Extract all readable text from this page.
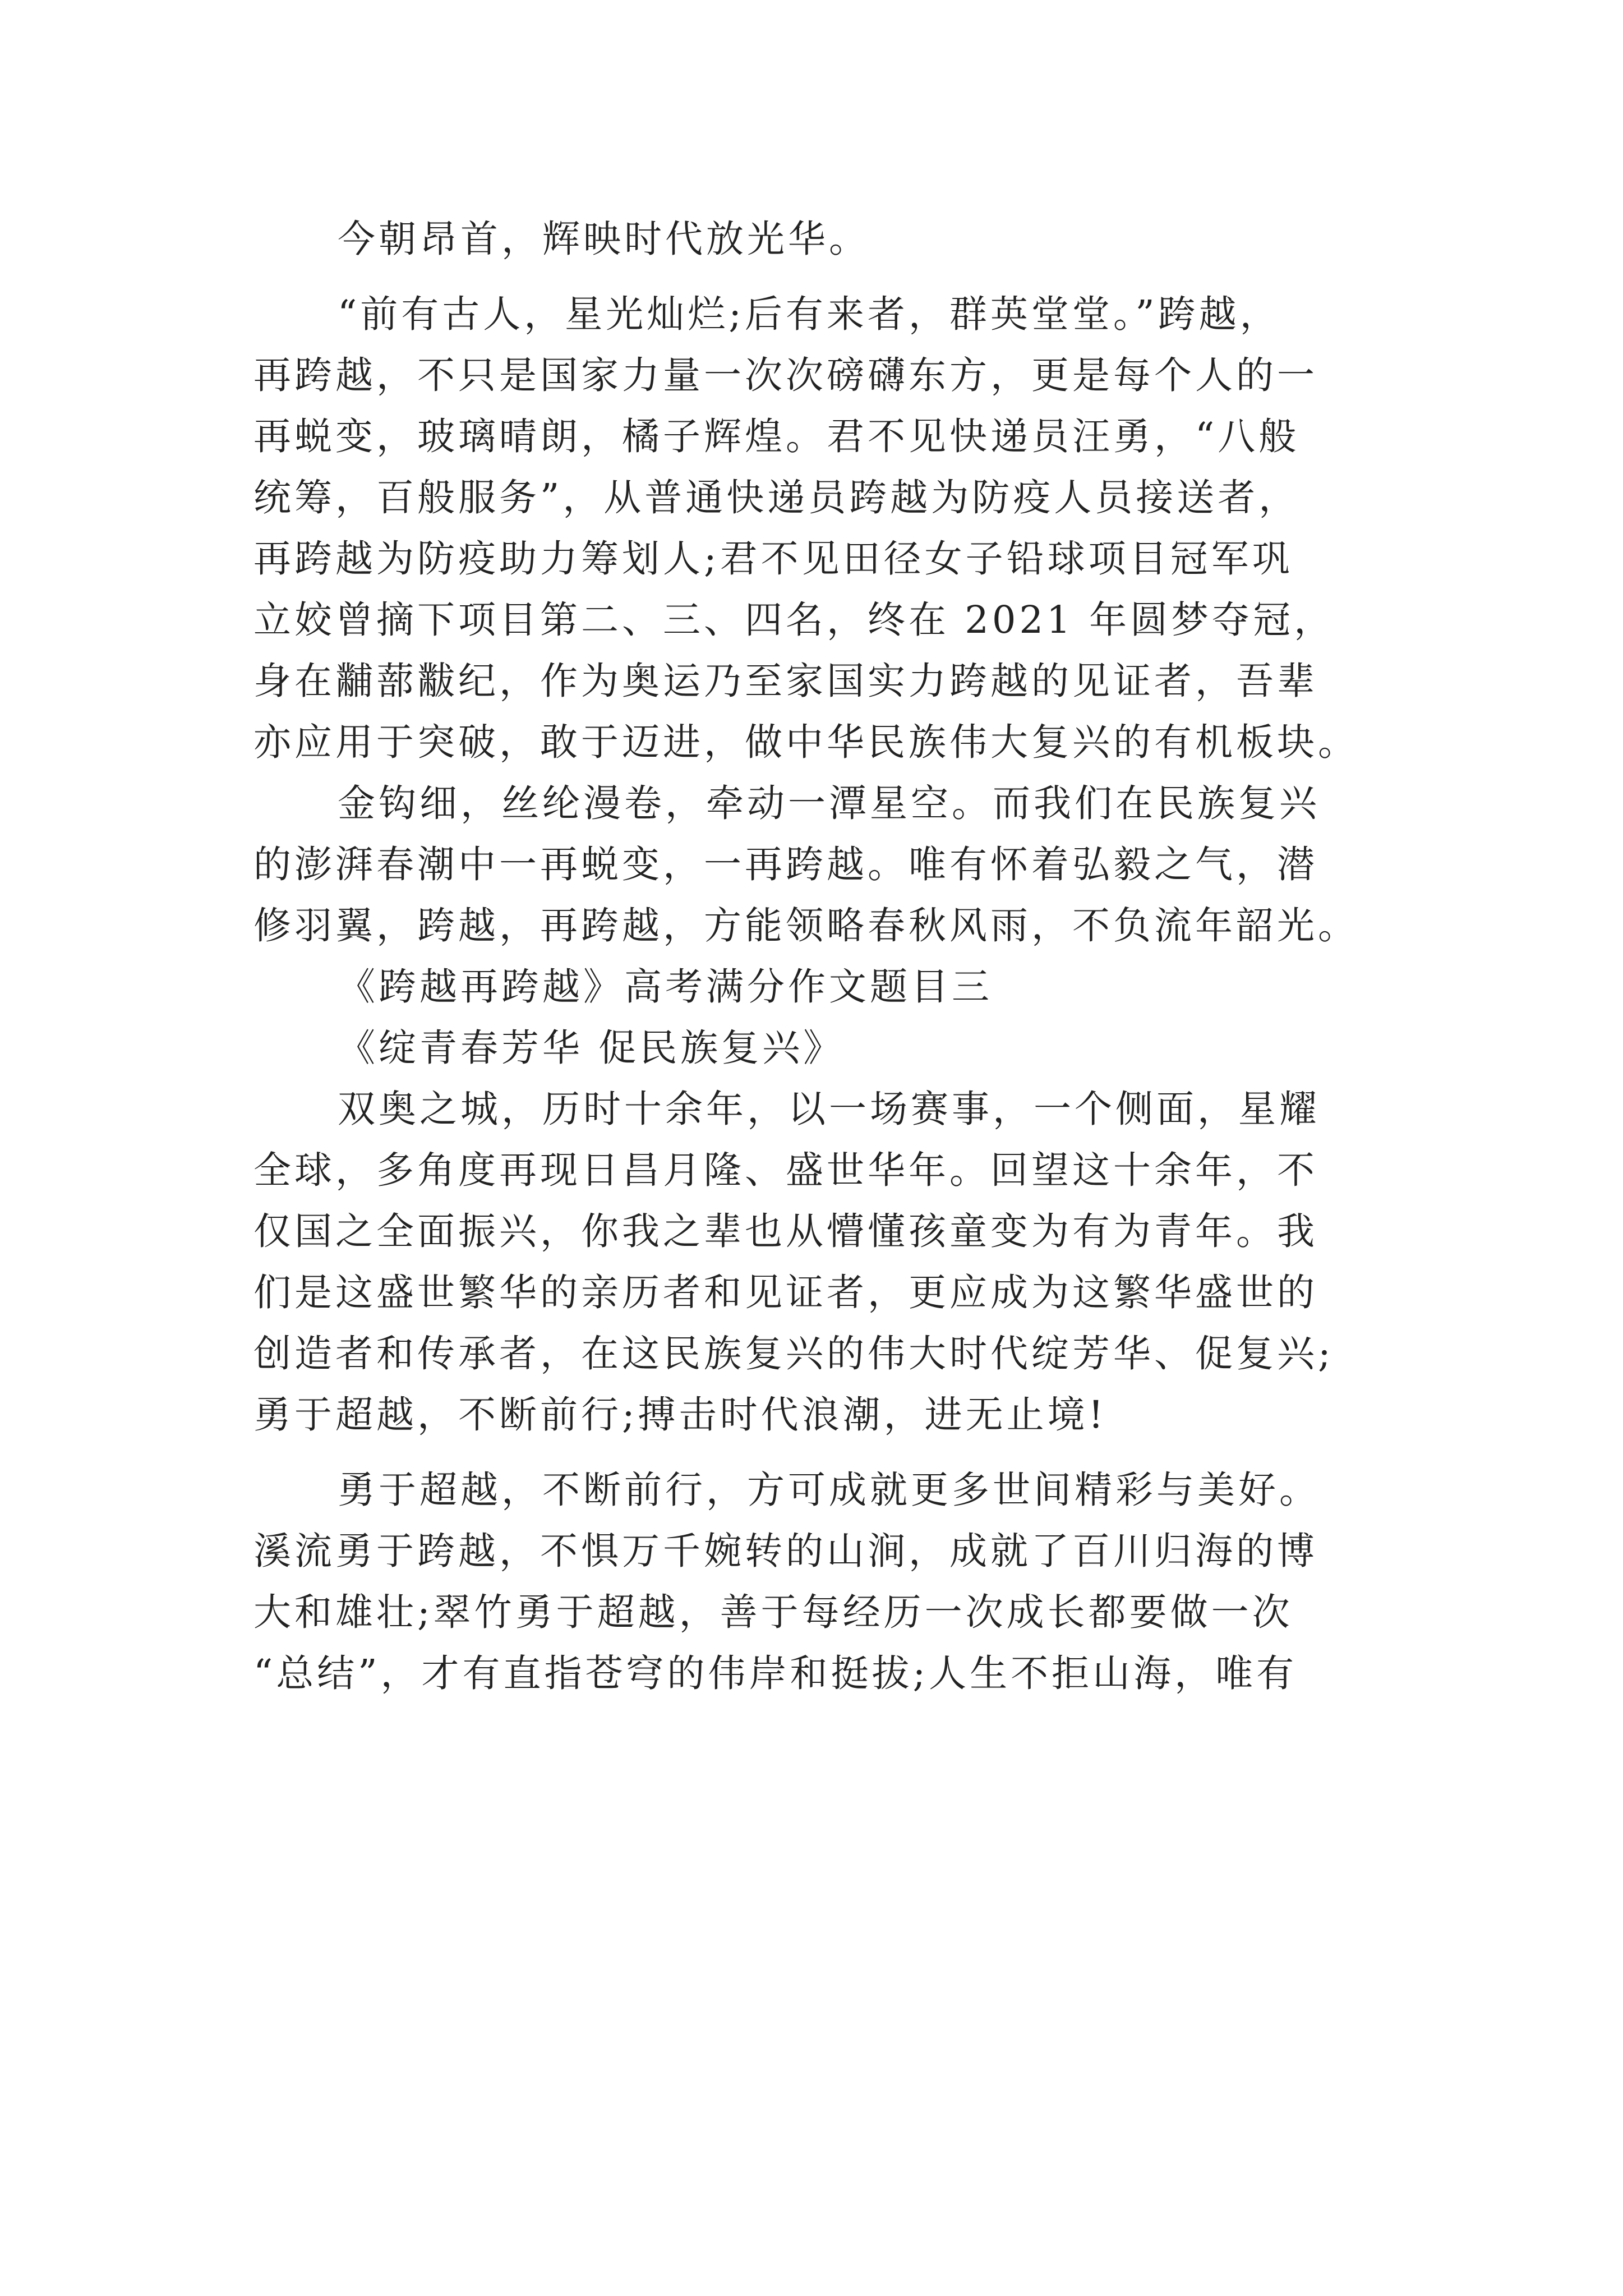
今朝昂首，辉映时代放光华。
“前有古人，星光灿烂;后有来者，群英堂堂。”跨越，
再跨越，不只是国家力量一次次磅礴东方，更是每个人的一
再蜕变，玻璃晴朗，橘子辉煌。君不见快递员汪勇，“八般
统筹，百般服务”，从普通快递员跨越为防疫人员接送者，
再跨越为防疫助力筹划人;君不见田径女子铅球项目冠军巩
立姣曾摘下项目第二、三、四名，终在 2021 年圆梦夺冠，
身在黼蔀黻纪，作为奥运乃至家国实力跨越的见证者，吾辈
亦应用于突破，敢于迈进，做中华民族伟大复兴的有机板块。
金钩细，丝纶漫卷，牵动一潭星空。而我们在民族复兴
的澎湃春潮中一再蜕变，一再跨越。唯有怀着弘毅之气，潜
修羽翼，跨越，再跨越，方能领略春秋风雨，不负流年韶光。
《跨越再跨越》高考满分作文题目三
《绽青春芳华 促民族复兴》
双奥之城，历时十余年，以一场赛事，一个侧面，星耀
全球，多角度再现日昌月隆、盛世华年。回望这十余年，不
仅国之全面振兴，你我之辈也从懵懂孩童变为有为青年。我
们是这盛世繁华的亲历者和见证者，更应成为这繁华盛世的
创造者和传承者，在这民族复兴的伟大时代绽芳华、促复兴;
勇于超越，不断前行;搏击时代浪潮，进无止境!
勇于超越，不断前行，方可成就更多世间精彩与美好。
溪流勇于跨越，不惧万千婉转的山涧，成就了百川归海的博
大和雄壮;翠竹勇于超越，善于每经历一次成长都要做一次
“总结”，才有直指苍穹的伟岸和挺拔;人生不拒山海，唯有
